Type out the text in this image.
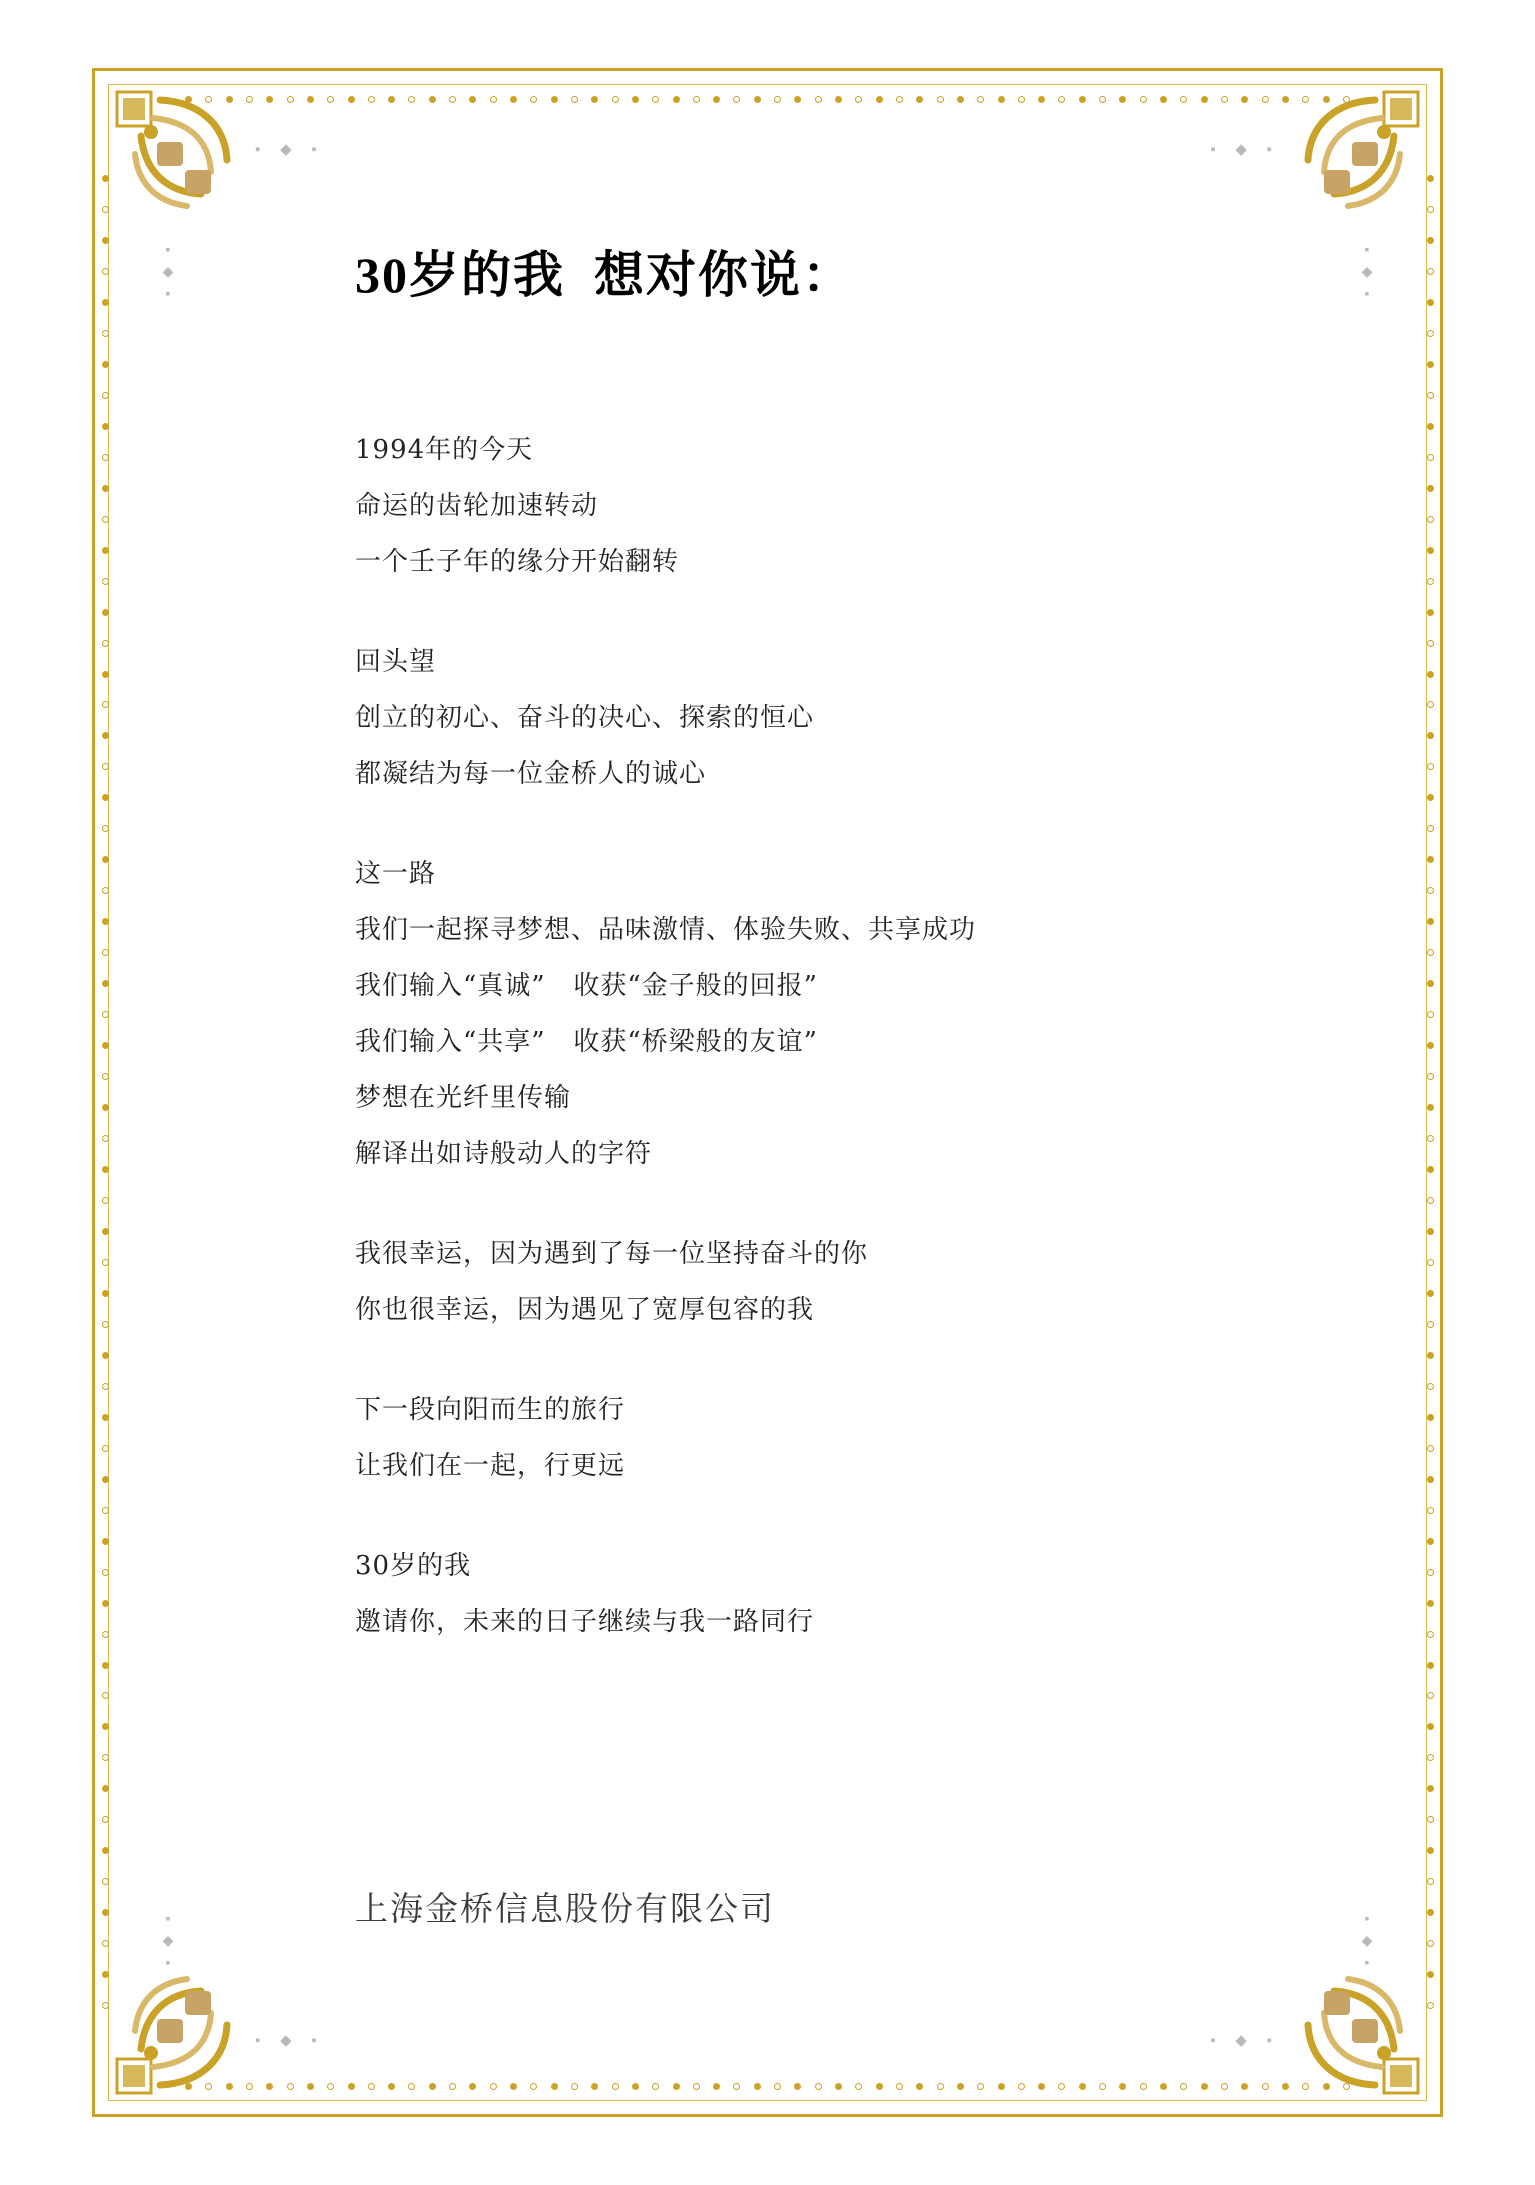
▪ ◆ ▪	▪ ◆ ▪
▪ ◆ ▪	▪ ◆ ▪
▪
◆
▪
▪
◆
▪
▪
◆
▪
▪
◆
▪
30岁的我  想对你说：
1994年的今天
命运的齿轮加速转动
一个壬子年的缘分开始翻转
回头望
创立的初心、奋斗的决心、探索的恒心
都凝结为每一位金桥人的诚心
这一路
我们一起探寻梦想、品味激情、体验失败、共享成功
我们输入“真诚”   收获“金子般的回报”
我们输入“共享”   收获“桥梁般的友谊”
梦想在光纤里传输
解译出如诗般动人的字符
我很幸运，因为遇到了每一位坚持奋斗的你
你也很幸运，因为遇见了宽厚包容的我
下一段向阳而生的旅行
让我们在一起，行更远
30岁的我
邀请你，未来的日子继续与我一路同行
上海金桥信息股份有限公司
